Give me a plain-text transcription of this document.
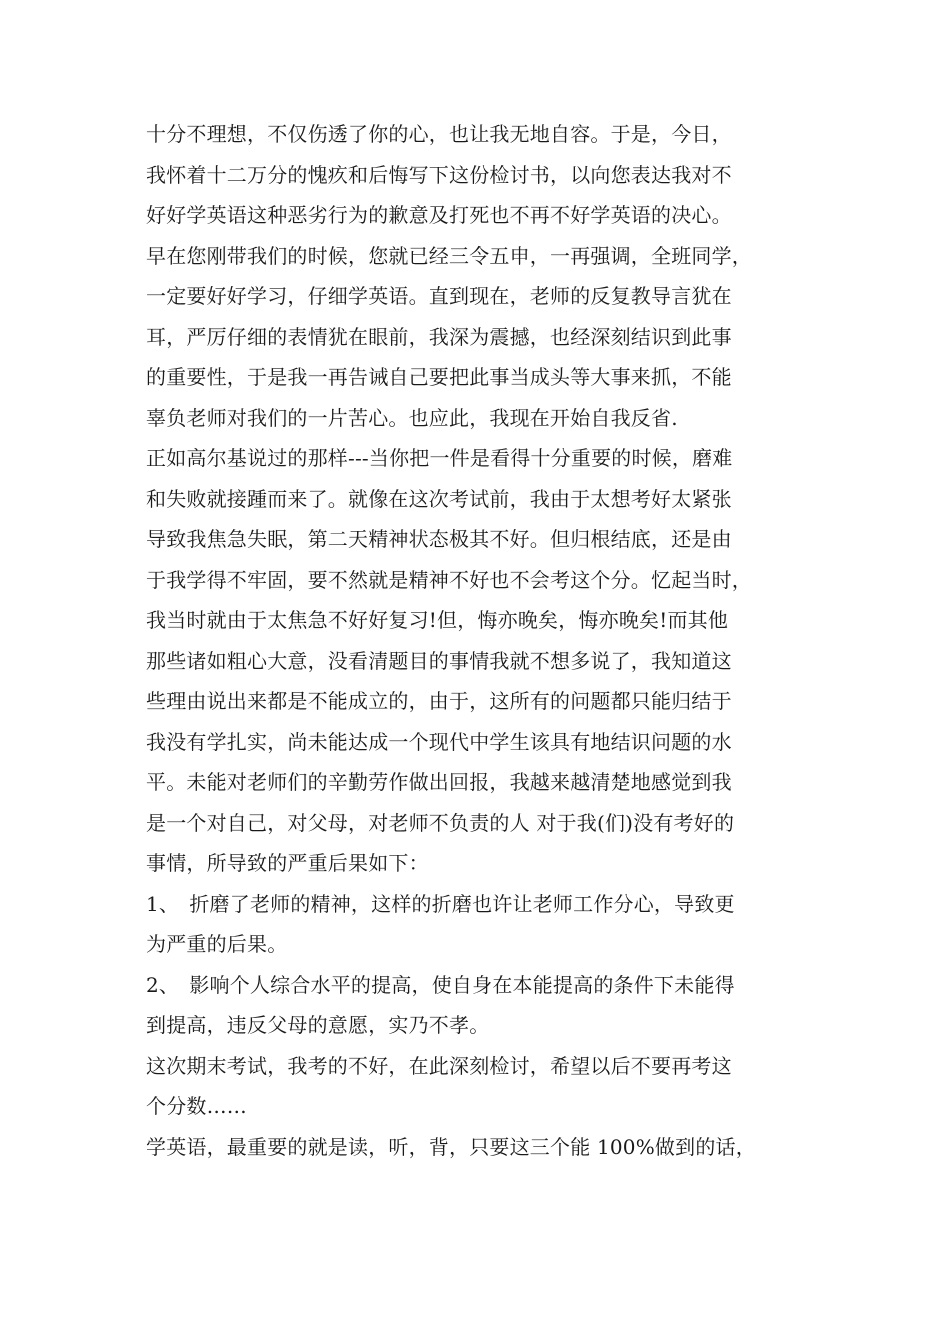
十分不理想，不仅伤透了你的心，也让我无地自容。于是，今日，
我怀着十二万分的愧疚和后悔写下这份检讨书，以向您表达我对不
好好学英语这种恶劣行为的歉意及打死也不再不好学英语的决心。
早在您刚带我们的时候，您就已经三令五申，一再强调，全班同学，
一定要好好学习，仔细学英语。直到现在，老师的反复教导言犹在
耳，严厉仔细的表情犹在眼前，我深为震撼，也经深刻结识到此事
的重要性，于是我一再告诫自己要把此事当成头等大事来抓，不能
辜负老师对我们的一片苦心。也应此，我现在开始自我反省.
正如高尔基说过的那样---当你把一件是看得十分重要的时候，磨难
和失败就接踵而来了。就像在这次考试前，我由于太想考好太紧张
导致我焦急失眠，第二天精神状态极其不好。但归根结底，还是由
于我学得不牢固，要不然就是精神不好也不会考这个分。忆起当时，
我当时就由于太焦急不好好复习!但，悔亦晚矣，悔亦晚矣!而其他
那些诸如粗心大意，没看清题目的事情我就不想多说了，我知道这
些理由说出来都是不能成立的，由于，这所有的问题都只能归结于
我没有学扎实，尚未能达成一个现代中学生该具有地结识问题的水
平。未能对老师们的辛勤劳作做出回报，我越来越清楚地感觉到我
是一个对自己，对父母，对老师不负责的人 对于我(们)没有考好的
事情，所导致的严重后果如下：
1、　折磨了老师的精神，这样的折磨也许让老师工作分心，导致更
为严重的后果。
2、　影响个人综合水平的提高，使自身在本能提高的条件下未能得
到提高，违反父母的意愿，实乃不孝。
这次期末考试，我考的不好，在此深刻检讨，希望以后不要再考这
个分数……
学英语，最重要的就是读，听，背，只要这三个能 100%做到的话，
